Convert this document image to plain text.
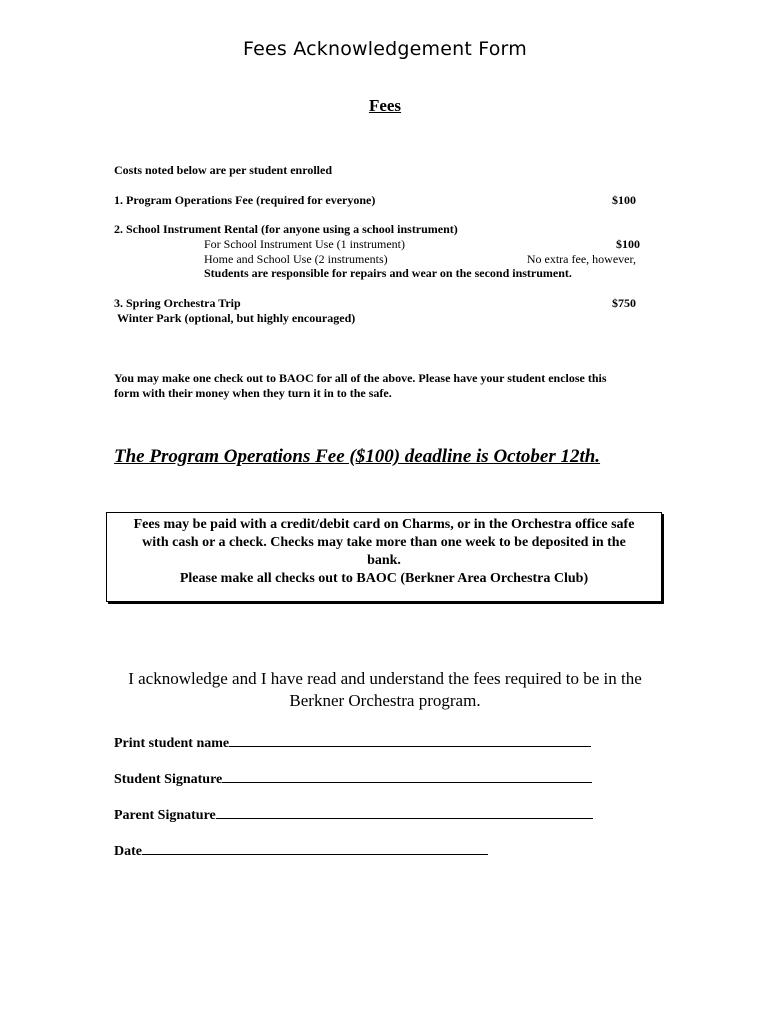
Fees Acknowledgement Form
Fees
Costs noted below are per student enrolled
1. Program Operations Fee (required for everyone)	$100
2. School Instrument Rental (for anyone using a school instrument)
For School Instrument Use (1 instrument)	$100
Home and School Use (2 instruments)	No extra fee, however,
Students are responsible for repairs and wear on the second instrument.
3. Spring Orchestra Trip	$750
Winter Park (optional, but highly encouraged)
You may make one check out to BAOC for all of the above. Please have your student enclose this
form with their money when they turn it in to the safe.
The Program Operations Fee ($100) deadline is October 12th.
Fees may be paid with a credit/debit card on Charms, or in the Orchestra office safe
with cash or a check. Checks may take more than one week to be deposited in the
bank.
Please make all checks out to BAOC (Berkner Area Orchestra Club)
I acknowledge and I have read and understand the fees required to be in the
Berkner Orchestra program.
Print student name
Student Signature
Parent Signature
Date
